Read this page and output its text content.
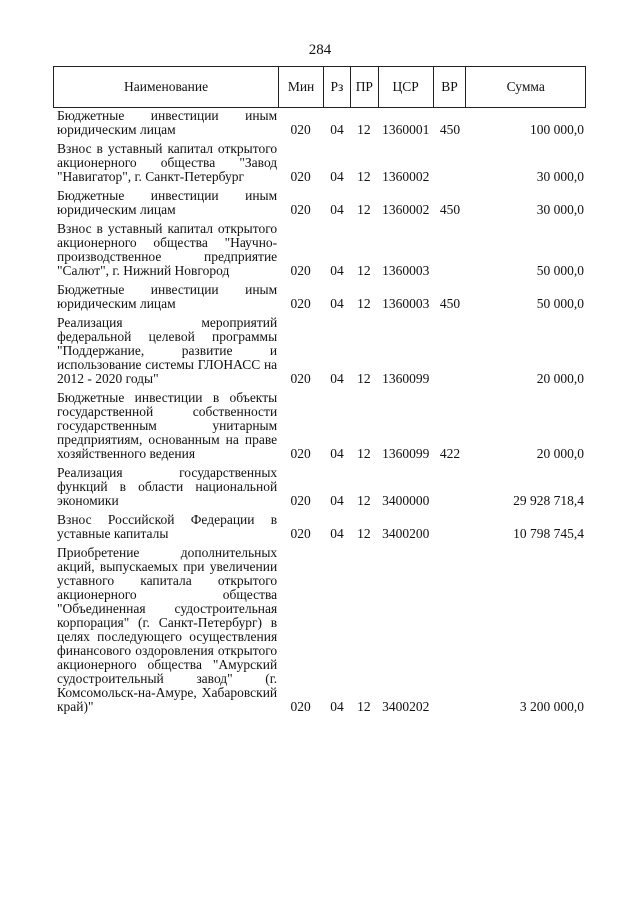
284
Наименование	Мин	Рз ПР	ЦСР	ВР	Сумма
Бюджетные инвестиции иным юридическим лицам	020	04 12 1360001 450	100 000,0
Взнос в уставный капитал открытого акционерного общества "Завод "Навигатор", г. Санкт-Петербург	020	04 12 1360002	30 000,0
Бюджетные инвестиции иным юридическим лицам	020	04 12 1360002 450	30 000,0
Взнос в уставный капитал открытого акционерного общества "Научно-производственное предприятие "Салют", г. Нижний Новгород	020	04 12 1360003	50 000,0
Бюджетные инвестиции иным юридическим лицам	020	04 12 1360003 450	50 000,0
Реализация мероприятий федеральной целевой программы "Поддержание, развитие и использование системы ГЛОНАСС на 2012 - 2020 годы"	020	04 12 1360099	20 000,0
Бюджетные инвестиции в объекты государственной собственности государственным унитарным предприятиям, основанным на праве хозяйственного ведения	020	04 12 1360099 422	20 000,0
Реализация государственных функций в области национальной экономики	020	04 12 3400000	29 928 718,4
Взнос Российской Федерации в уставные капиталы	020	04 12 3400200	10 798 745,4
Приобретение дополнительных акций, выпускаемых при увеличении уставного капитала открытого акционерного общества "Объединенная судостроительная корпорация" (г. Санкт-Петербург) в целях последующего осуществления финансового оздоровления открытого акционерного общества "Амурский судостроительный завод" (г. Комсомольск-на-Амуре, Хабаровский край)"	020	04 12 3400202	3 200 000,0
